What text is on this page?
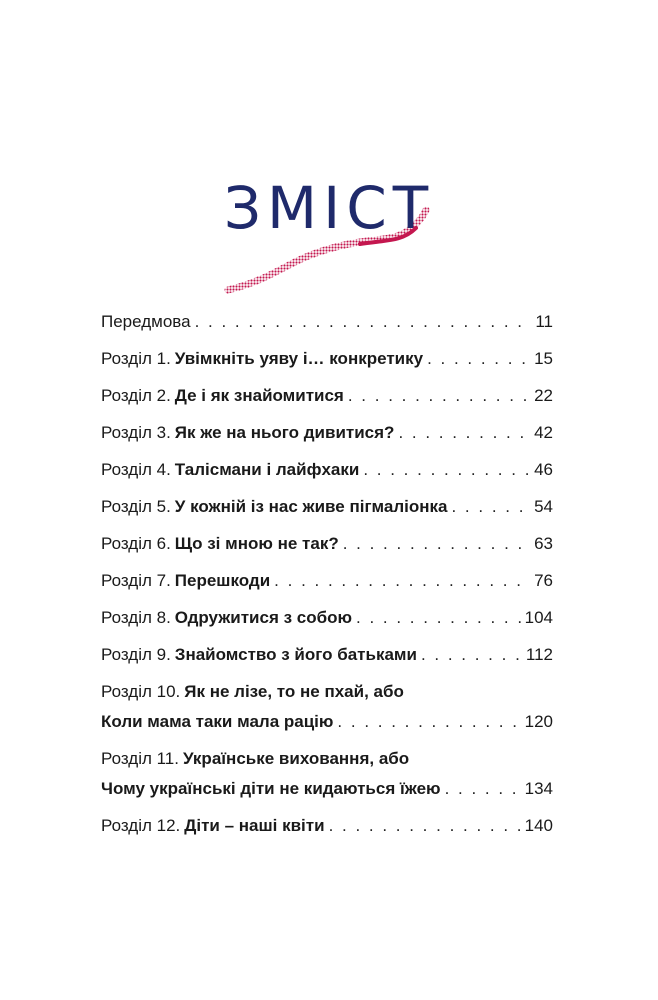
ЗМІСТ
Передмова . . .	11
Розділ 1. Увімкніть уяву і… конкретику . . .	15
Розділ 2. Де і як знайомитися . . .	22
Розділ 3. Як же на нього дивитися? . . .	42
Розділ 4. Талісмани і лайфхаки . . .	46
Розділ 5. У кожній із нас живе пігмаліонка . . .	54
Розділ 6. Що зі мною не так? . . .	63
Розділ 7. Перешкоди . . .	76
Розділ 8. Одружитися з собою . . .	104
Розділ 9. Знайомство з його батьками . . .	112
Розділ 10. Як не лізе, то не пхай, або
Коли мама таки мала рацію . . .	120
Розділ 11. Українське виховання, або
Чому українські діти не кидаються їжею . . .	134
Розділ 12. Діти – наші квіти . . .	140
